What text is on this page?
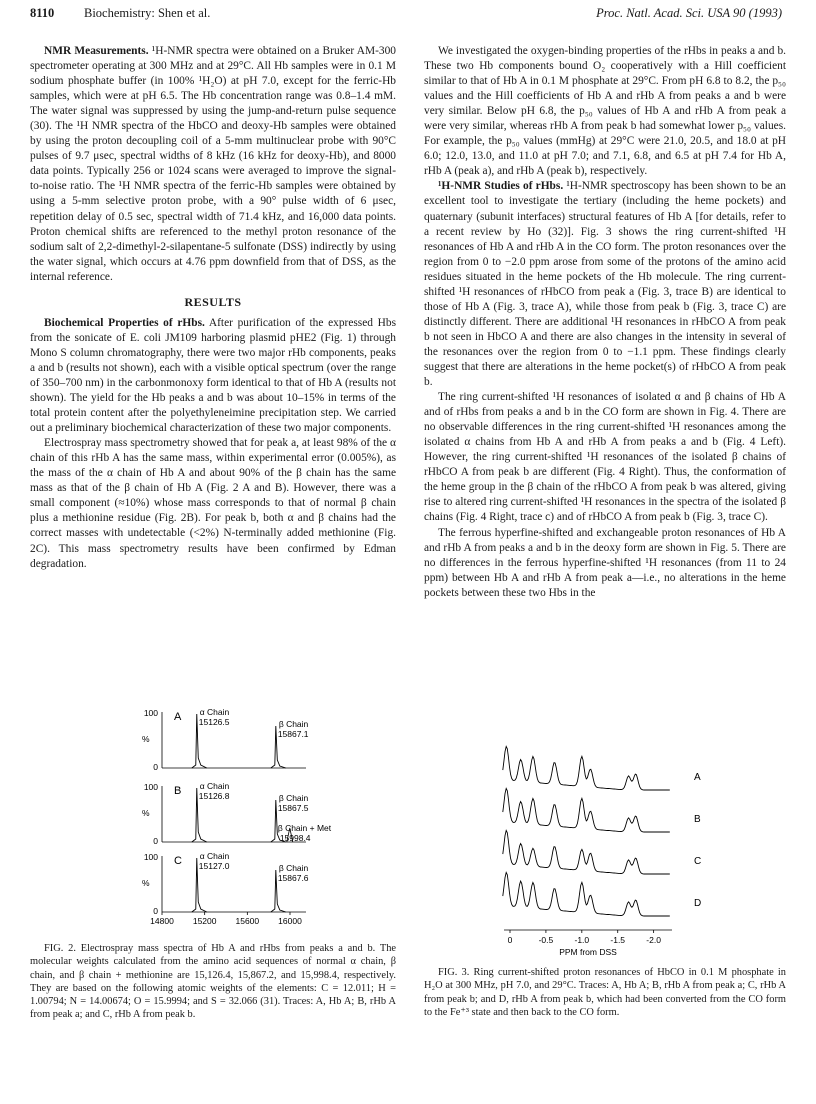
8110 Biochemistry: Shen et al.	Proc. Natl. Acad. Sci. USA 90 (1993)

NMR Measurements. ¹H-NMR spectra were obtained on a Bruker AM-300 spectrometer operating at 300 MHz and at 29°C. All Hb samples were in 0.1 M sodium phosphate buffer (in 100% ¹H₂O) at pH 7.0, except for the ferric-Hb samples, which were at pH 6.5. The Hb concentration range was 0.8–1.4 mM. The water signal was suppressed by using the jump-and-return pulse sequence (30). The ¹H NMR spectra of the HbCO and deoxy-Hb samples were obtained by using the proton decoupling coil of a 5-mm multinuclear probe with 90°C pulses of 9.7 μsec, spectral widths of 8 kHz (16 kHz for deoxy-Hb), and 8000 data points. Typically 256 or 1024 scans were averaged to improve the signal-to-noise ratio. The ¹H NMR spectra of the ferric-Hb samples were obtained by using a 5-mm selective proton probe, with a 90° pulse width of 6 μsec, repetition delay of 0.5 sec, spectral width of 71.4 kHz, and 16,000 data points. Proton chemical shifts are referenced to the methyl proton resonance of the sodium salt of 2,2-dimethyl-2-silapentane-5 sulfonate (DSS) indirectly by using the water signal, which occurs at 4.76 ppm downfield from that of DSS, as the internal reference.

RESULTS

Biochemical Properties of rHbs. After purification of the expressed Hbs from the sonicate of E. coli JM109 harboring plasmid pHE2 (Fig. 1) through Mono S column chromatography, there were two major rHb components, peaks a and b (results not shown), each with a visible optical spectrum (over the range of 350–700 nm) in the carbonmonoxy form identical to that of Hb A (results not shown). The yield for the Hb peaks a and b was about 10–15% in terms of the total protein content after the polyethyleneimine precipitation step. We carried out a preliminary biochemical characterization of these two major components.

Electrospray mass spectrometry showed that for peak a, at least 98% of the α chain of this rHb A has the same mass, within experimental error (0.005%), as the mass of the α chain of Hb A and about 90% of the β chain has the same mass as that of the β chain of Hb A (Fig. 2 A and B). However, there was a small component (≈10%) whose mass corresponds to that of normal β chain plus a methionine residue (Fig. 2B). For peak b, both α and β chains had the correct masses with undetectable (<2%) N-terminally added methionine (Fig. 2C). This mass spectrometry results have been confirmed by Edman degradation.

100
0
%
A α Chain
15126.5	β Chain
15867.1
100
0
%
B α Chain
15126.8	β Chain
15867.5
β Chain + Met
15998.4
100
0
%
C α Chain
15127.0	β Chain
15867.6
14800 15200 15600 16000
FIG. 2. Electrospray mass spectra of Hb A and rHbs from peaks a and b. The molecular weights calculated from the amino acid sequences of normal α chain, β chain, and β chain + methionine are 15,126.4, 15,867.2, and 15,998.4, respectively. They are based on the following atomic weights of the elements: C = 12.011; H = 1.00794; N = 14.00674; O = 15.9994; and S = 32.066 (31). Traces: A, Hb A; B, rHb A from peak a; and C, rHb A from peak b.

We investigated the oxygen-binding properties of the rHbs in peaks a and b. These two Hb components bound O₂ cooperatively with a Hill coefficient similar to that of Hb A in 0.1 M phosphate at 29°C. From pH 6.8 to 8.2, the p₅₀ values and the Hill coefficients of Hb A and rHb A from peaks a and b were very similar. Below pH 6.8, the p₅₀ values of Hb A and rHb A from peak a were very similar, whereas rHb A from peak b had somewhat lower p₅₀ values. For example, the p₅₀ values (mmHg) at 29°C were 21.0, 20.5, and 18.0 at pH 6.0; 12.0, 13.0, and 11.0 at pH 7.0; and 7.1, 6.8, and 6.5 at pH 7.4 for Hb A, rHb A (peak a), and rHb A (peak b), respectively.

¹H-NMR Studies of rHbs. ¹H-NMR spectroscopy has been shown to be an excellent tool to investigate the tertiary (including the heme pockets) and quaternary (subunit interfaces) structural features of Hb A [for details, refer to a recent review by Ho (32)]. Fig. 3 shows the ring current-shifted ¹H resonances of Hb A and rHb A in the CO form. The proton resonances over the region from 0 to −2.0 ppm arose from some of the protons of the amino acid residues situated in the heme pockets of the Hb molecule. The ring current-shifted ¹H resonances of rHbCO from peak a (Fig. 3, trace B) are identical to those of Hb A (Fig. 3, trace A), while those from peak b (Fig. 3, trace C) are distinctly different. There are additional ¹H resonances in rHbCO A from peak b not seen in HbCO A and there are also changes in the intensity in several of the resonances over the region from 0 to −1.1 ppm. These findings clearly suggest that there are alterations in the heme pocket(s) of rHbCO A from peak b.

The ring current-shifted ¹H resonances of isolated α and β chains of Hb A and of rHbs from peaks a and b in the CO form are shown in Fig. 4. There are no observable differences in the ring current-shifted ¹H resonances among the isolated α chains from Hb A and rHb A from peaks a and b (Fig. 4 Left). However, the ring current-shifted ¹H resonances of the isolated β chains of rHbCO A from peak b are different (Fig. 4 Right). Thus, the conformation of the heme group in the β chain of the rHbCO A from peak b was altered, giving rise to altered ring current-shifted ¹H resonances in the spectra of the isolated β chains (Fig. 4 Right, trace c) and of rHbCO A from peak b (Fig. 3, trace C).

The ferrous hyperfine-shifted and exchangeable proton resonances of Hb A and rHb A from peaks a and b in the deoxy form are shown in Fig. 5. There are no differences in the ferrous hyperfine-shifted ¹H resonances (from 11 to 24 ppm) between Hb A and rHb A from peak a—i.e., no alterations in the heme pockets between these two Hbs in the

A
B
C
D
0	-0.5	-1.0	-1.5	-2.0
PPM from DSS
FIG. 3. Ring current-shifted proton resonances of HbCO in 0.1 M phosphate in H₂O at 300 MHz, pH 7.0, and 29°C. Traces: A, Hb A; B, rHb A from peak a; C, rHb A from peak b; and D, rHb A from peak b, which had been converted from the CO form to the Fe⁺³ state and then back to the CO form.
